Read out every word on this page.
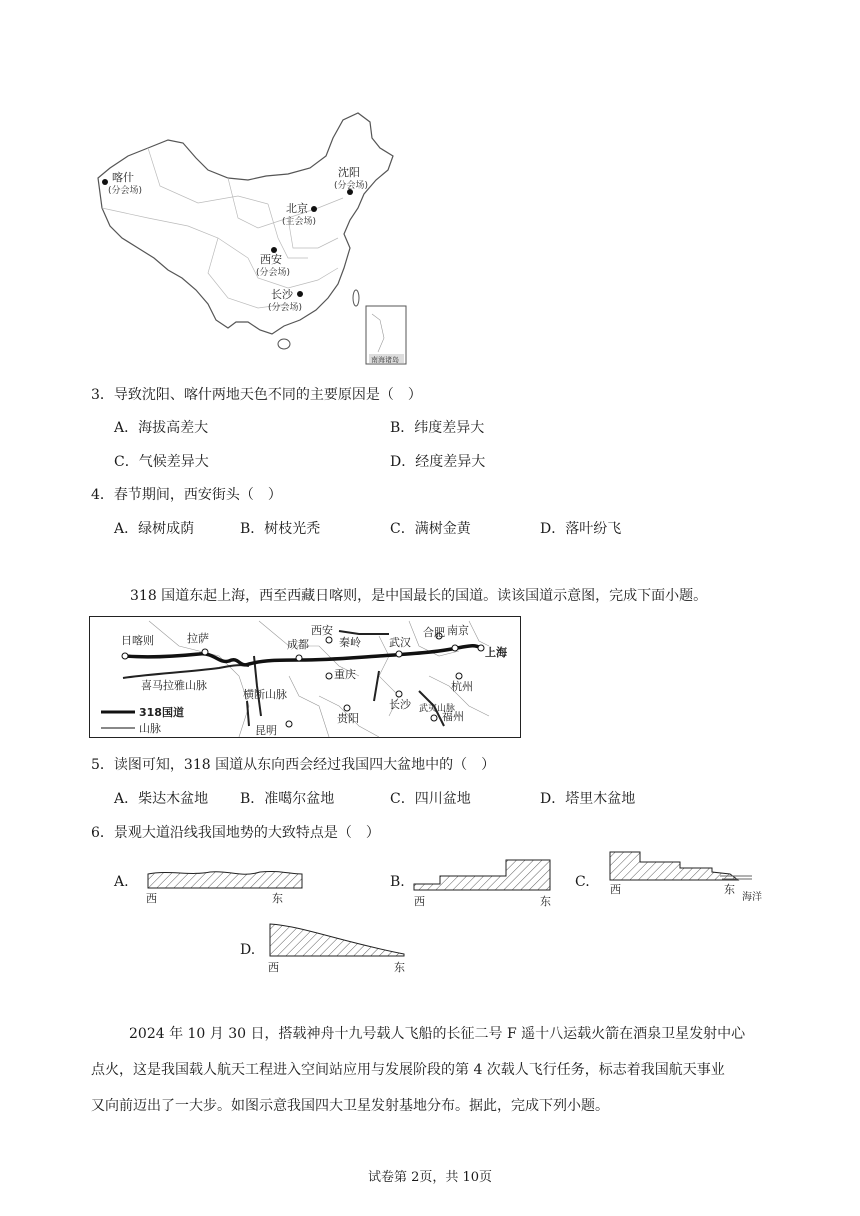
南海诸岛
喀什
(分会场)
沈阳
(分会场)
北京
(主会场)
西安
(分会场)
长沙
(分会场)
3．导致沈阳、喀什两地天色不同的主要原因是（　）
A．海拔高差大	B．纬度差异大
C．气候差异大	D．经度差异大
4．春节期间，西安街头（　）
A．绿树成荫	B．树枝光秃	C．满树金黄	D．落叶纷飞
318 国道东起上海，西至西藏日喀则，是中国最长的国道。读该国道示意图，完成下面小题。
日喀则	拉萨
喜马拉雅山脉
成都
横断山脉
西安
秦岭
合肥 南京
上海
武汉
杭州
重庆
长沙 武夷山脉
福州
贵阳
昆明
318国道
山脉
5．读图可知，318 国道从东向西会经过我国四大盆地中的（　）
A．柴达木盆地 B．准噶尔盆地	C．四川盆地	D．塔里木盆地
6．景观大道沿线我国地势的大致特点是（　）
A.
西	东
B.
西	东
C. 西	东
海洋
D.
西	东
2024 年 10 月 30 日，搭载神舟十九号载人飞船的长征二号 F 遥十八运载火箭在酒泉卫星发射中心
点火，这是我国载人航天工程进入空间站应用与发展阶段的第 4 次载人飞行任务，标志着我国航天事业
又向前迈出了一大步。如图示意我国四大卫星发射基地分布。据此，完成下列小题。
试卷第 2页，共 10页
